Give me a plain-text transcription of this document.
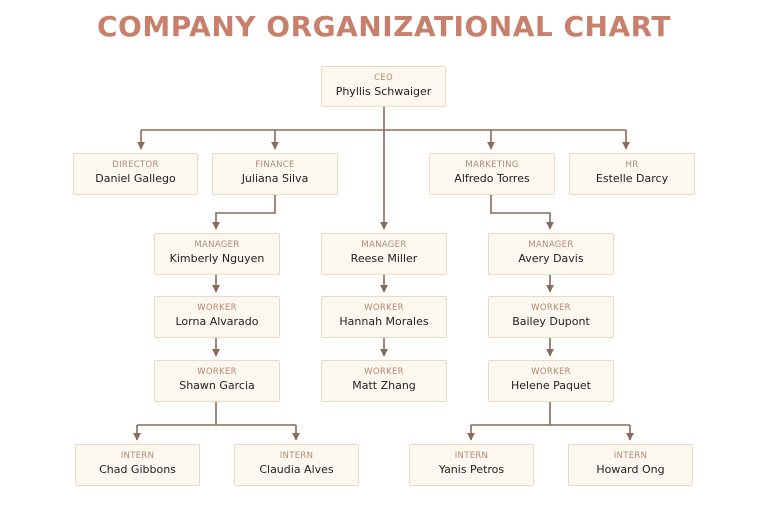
COMPANY ORGANIZATIONAL CHART
CEO
Phyllis Schwaiger
DIRECTOR
Daniel Gallego
FINANCE
Juliana Silva
MARKETING
Alfredo Torres
HR
Estelle Darcy
MANAGER
Kimberly Nguyen
MANAGER
Reese Miller
MANAGER
Avery Davis
WORKER
Lorna Alvarado
WORKER
Hannah Morales
WORKER
Bailey Dupont
WORKER
Shawn Garcia
WORKER
Matt Zhang
WORKER
Helene Paquet
INTERN
Chad Gibbons
INTERN
Claudia Alves
INTERN
Yanis Petros
INTERN
Howard Ong
